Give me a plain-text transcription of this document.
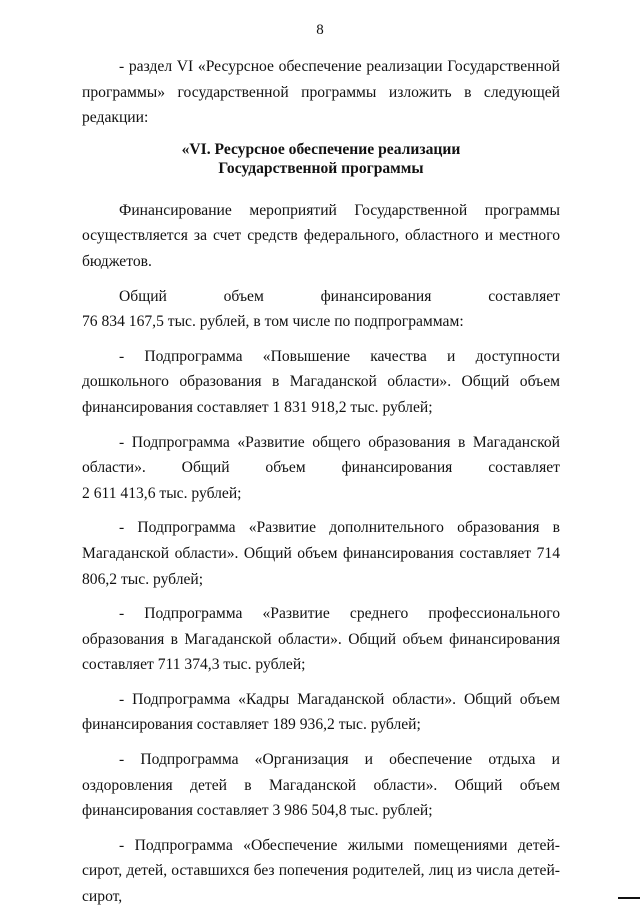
8

- раздел VI «Ресурсное обеспечение реализации Государственной программы» государственной программы изложить в следующей редакции:

«VI. Ресурсное обеспечение реализации
Государственной программы

Финансирование мероприятий Государственной программы осуществляется за счет средств федерального, областного и местного бюджетов.

Общий объем финансирования составляет

76 834 167,5 тыс. рублей, в том числе по подпрограммам:

- Подпрограмма «Повышение качества и доступности дошкольного образования в Магаданской области». Общий объем финансирования составляет 1 831 918,2 тыс. рублей;

- Подпрограмма «Развитие общего образования в Магаданской области». Общий объем финансирования составляет

2 611 413,6 тыс. рублей;

- Подпрограмма «Развитие дополнительного образования в Магаданской области». Общий объем финансирования составляет 714 806,2 тыс. рублей;

- Подпрограмма «Развитие среднего профессионального образования в Магаданской области». Общий объем финансирования составляет 711 374,3 тыс. рублей;

- Подпрограмма «Кадры Магаданской области». Общий объем финансирования составляет 189 936,2 тыс. рублей;

- Подпрограмма «Организация и обеспечение отдыха и оздоровления детей в Магаданской области». Общий объем финансирования составляет 3 986 504,8 тыс. рублей;

- Подпрограмма «Обеспечение жилыми помещениями детей-сирот, детей, оставшихся без попечения родителей, лиц из числа детей-сирот,
